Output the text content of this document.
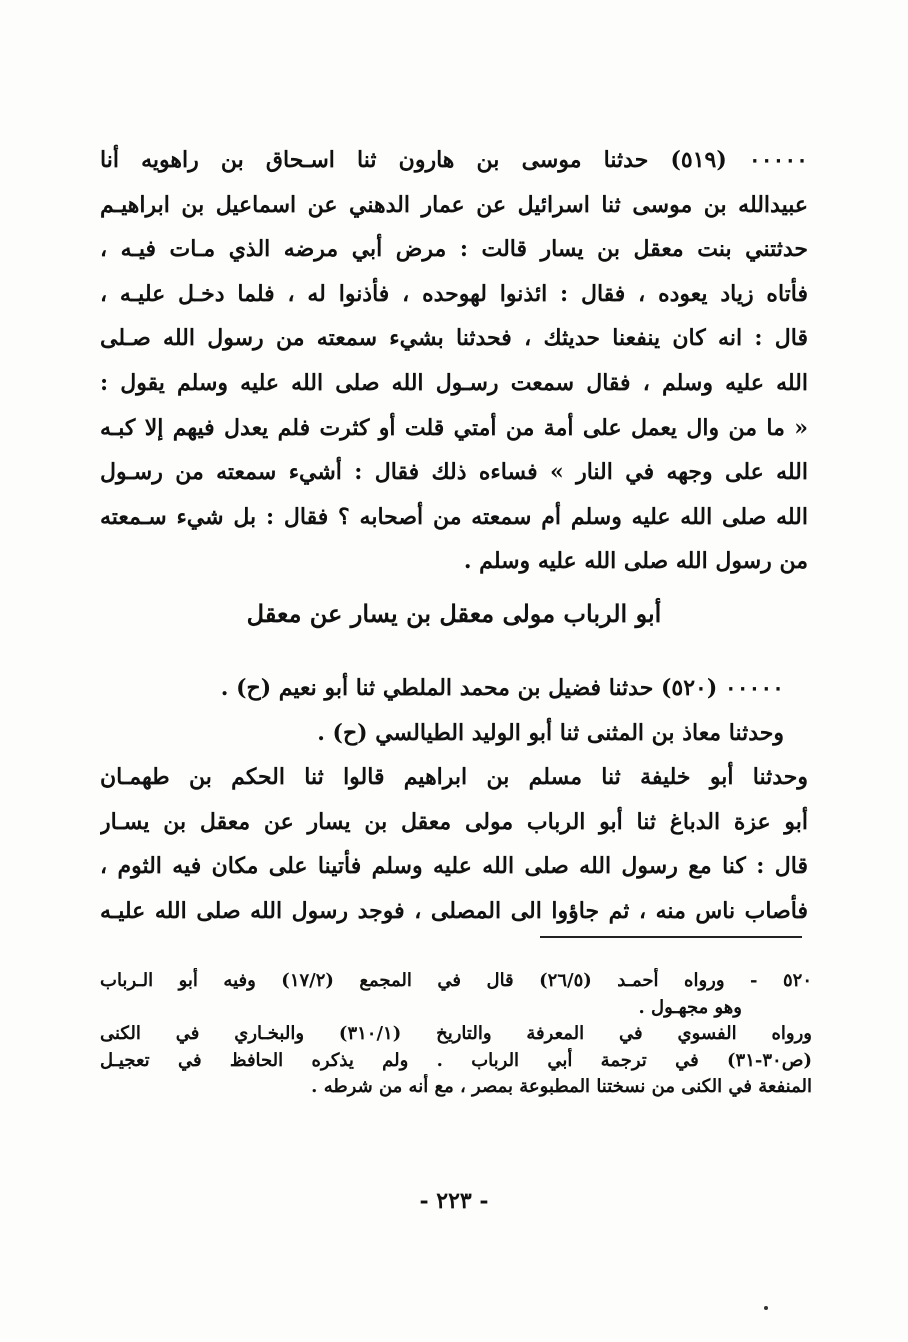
٠٠٠٠٠ (٥١٩) حدثنا موسى بن هارون ثنا اسـحاق بن راهويه أنا
عبيدالله بن موسى ثنا اسرائيل عن عمار الدهني عن اسماعيل بن ابراهيـم
حدثتني بنت معقل بن يسار قالت : مرض أبي مرضه الذي مـات فيـه ،
فأتاه زياد يعوده ، فقال : ائذنوا لهوحده ، فأذنوا له ، فلما دخـل عليـه ،
قال : انه كان ينفعنا حديثك ، فحدثنا بشيء سمعته من رسول الله صـلى
الله عليه وسلم ، فقال سمعت رسـول الله صلى الله عليه وسلم يقول :
« ما من وال يعمل على أمة من أمتي قلت أو كثرت فلم يعدل فيهم إلا كبـه
الله على وجهه في النار » فساءه ذلك فقال : أشيء سمعته من رسـول
الله صلى الله عليه وسلم أم سمعته من أصحابه ؟ فقال : بل شيء سـمعته
من رسول الله صلى الله عليه وسلم .
أبو الرباب مولى معقل بن يسار عن معقل
٠٠٠٠٠ (٥٢٠) حدثنا فضيل بن محمد الملطي ثنا أبو نعيم (ح) .
وحدثنا معاذ بن المثنى ثنا أبو الوليد الطيالسي (ح) .
وحدثنا أبو خليفة ثنا مسلم بن ابراهيم قالوا ثنا الحكم بن طهمـان
أبو عزة الدباغ ثنا أبو الرباب مولى معقل بن يسار عن معقل بن يسـار
قال : كنا مع رسول الله صلى الله عليه وسلم فأتينا على مكان فيه الثوم ،
فأصاب ناس منه ، ثم جاؤوا الى المصلى ، فوجد رسول الله صلى الله عليـه
٥٢٠ - ورواه أحمـد (٢٦/٥) قال في المجمع (١٧/٢) وفيه أبو الـرباب
وهو مجهـول .
ورواه الفسوي في المعرفة والتاريخ (٣١٠/١) والبخـاري في الكنى
(ص٣٠-٣١) في ترجمة أبي الرباب . ولم يذكره الحافظ في تعجيـل
المنفعة في الكنى من نسختنا المطبوعة بمصر ، مع أنه من شرطه .
- ٢٢٣ -
